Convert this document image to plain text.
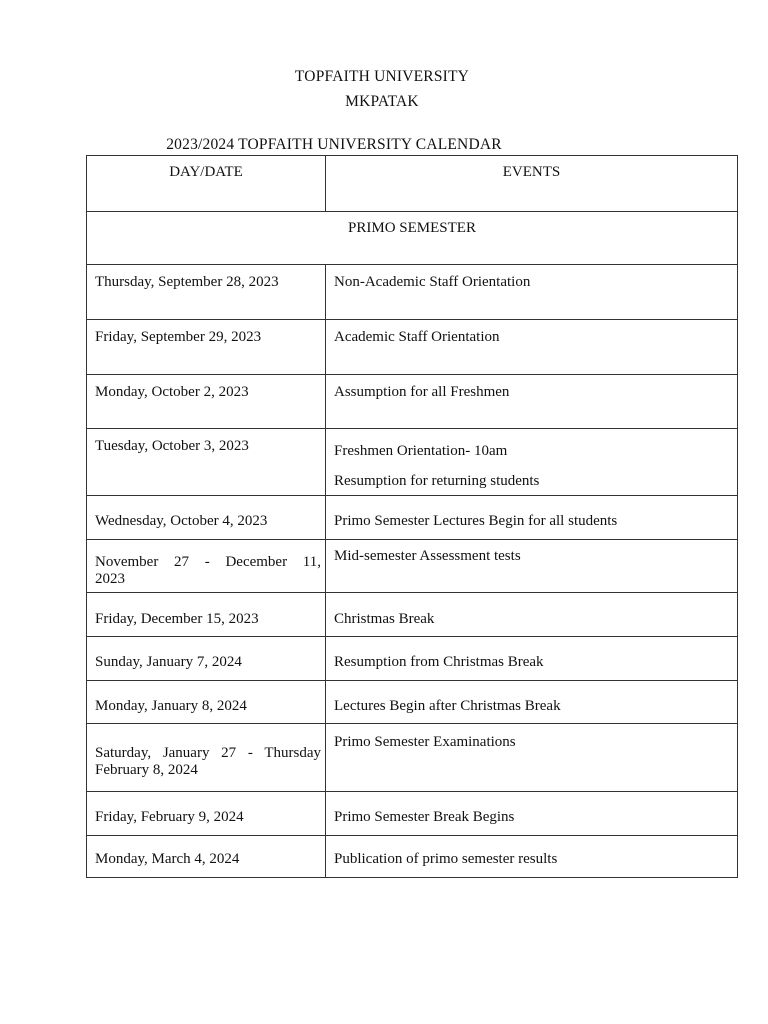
TOPFAITH UNIVERSITY
MKPATAK
2023/2024 TOPFAITH UNIVERSITY CALENDAR
DAY/DATE	EVENTS
PRIMO SEMESTER	
Thursday, September 28, 2023	Non-Academic Staff Orientation
Friday, September 29, 2023	Academic Staff Orientation
Monday, October 2, 2023	Assumption for all Freshmen
Tuesday, October 3, 2023	Freshmen Orientation- 10am
Resumption for returning students

Wednesday, October 4, 2023	Primo Semester Lectures Begin for all students

November 27 - December 11,
2023	Mid-semester Assessment tests
Friday, December 15, 2023	Christmas Break
Sunday, January 7, 2024	Resumption from Christmas Break
Monday, January 8, 2024	Lectures Begin after Christmas Break

Saturday, January 27 - Thursday
February 8, 2024	Primo Semester Examinations
Friday, February 9, 2024	Primo Semester Break Begins
Monday, March 4, 2024	Publication of primo semester results
